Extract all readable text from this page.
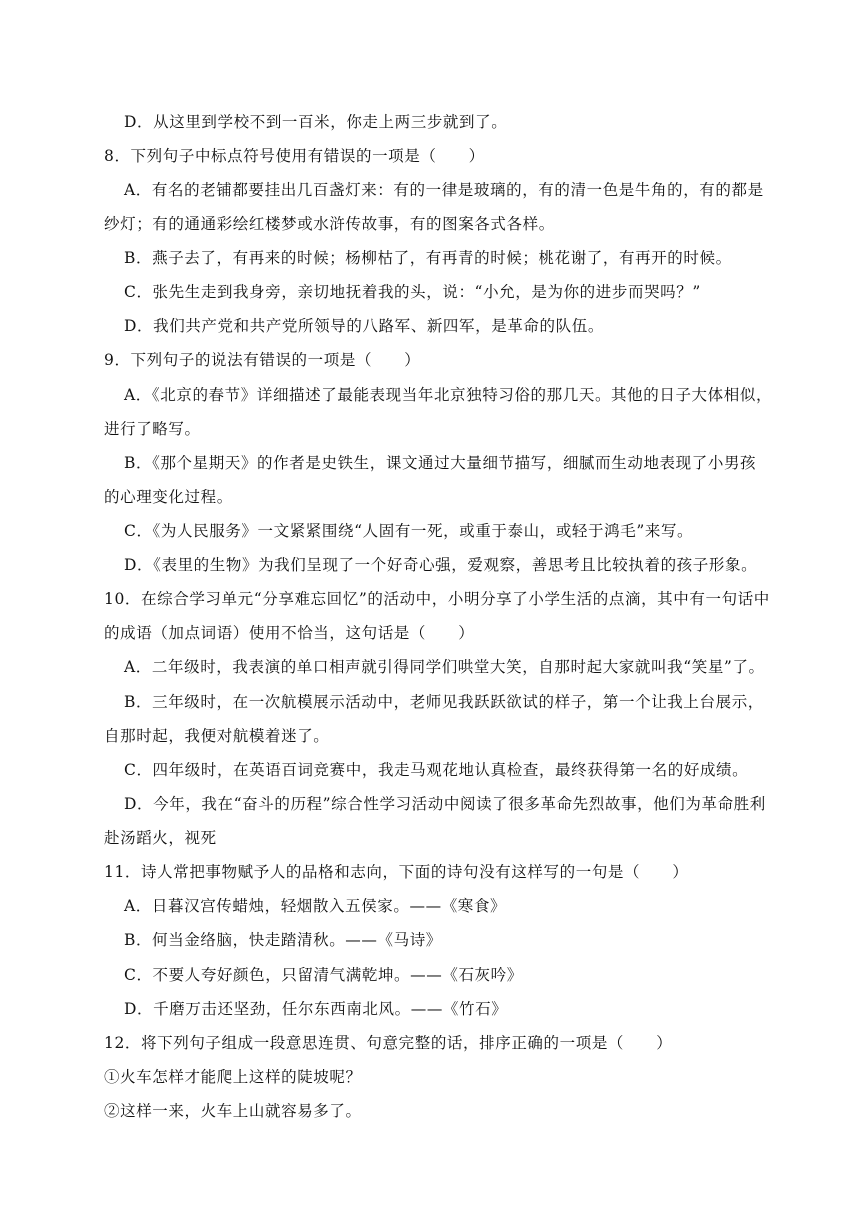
D．从这里到学校不到一百米，你走上两三步就到了。
8．下列句子中标点符号使用有错误的一项是（　　）
A．有名的老铺都要挂出几百盏灯来：有的一律是玻璃的，有的清一色是牛角的，有的都是
纱灯；有的通通彩绘红楼梦或水浒传故事，有的图案各式各样。
B．燕子去了，有再来的时候；杨柳枯了，有再青的时候；桃花谢了，有再开的时候。
C．张先生走到我身旁，亲切地抚着我的头，说：“小允，是为你的进步而哭吗？”
D．我们共产党和共产党所领导的八路军、新四军，是革命的队伍。
9．下列句子的说法有错误的一项是（　　）
A．《北京的春节》详细描述了最能表现当年北京独特习俗的那几天。其他的日子大体相似，
进行了略写。
B．《那个星期天》的作者是史铁生，课文通过大量细节描写，细腻而生动地表现了小男孩
的心理变化过程。
C．《为人民服务》一文紧紧围绕“人固有一死，或重于泰山，或轻于鸿毛”来写。
D．《表里的生物》为我们呈现了一个好奇心强，爱观察，善思考且比较执着的孩子形象。
10．在综合学习单元“分享难忘回忆”的活动中，小明分享了小学生活的点滴，其中有一句话中
的成语（加点词语）使用不恰当，这句话是（　　）
A．二年级时，我表演的单口相声就引得同学们哄堂大笑，自那时起大家就叫我“笑星”了。
B．三年级时，在一次航模展示活动中，老师见我跃跃欲试的样子，第一个让我上台展示，
自那时起，我便对航模着迷了。
C．四年级时，在英语百词竞赛中，我走马观花地认真检查，最终获得第一名的好成绩。
D．今年，我在“奋斗的历程”综合性学习活动中阅读了很多革命先烈故事，他们为革命胜利
赴汤蹈火，视死
11．诗人常把事物赋予人的品格和志向，下面的诗句没有这样写的一句是（　　）
A．日暮汉宫传蜡烛，轻烟散入五侯家。——《寒食》
B．何当金络脑，快走踏清秋。——《马诗》
C．不要人夸好颜色，只留清气满乾坤。——《石灰吟》
D．千磨万击还坚劲，任尔东西南北风。——《竹石》
12．将下列句子组成一段意思连贯、句意完整的话，排序正确的一项是（　　）
①火车怎样才能爬上这样的陡坡呢？
②这样一来，火车上山就容易多了。
